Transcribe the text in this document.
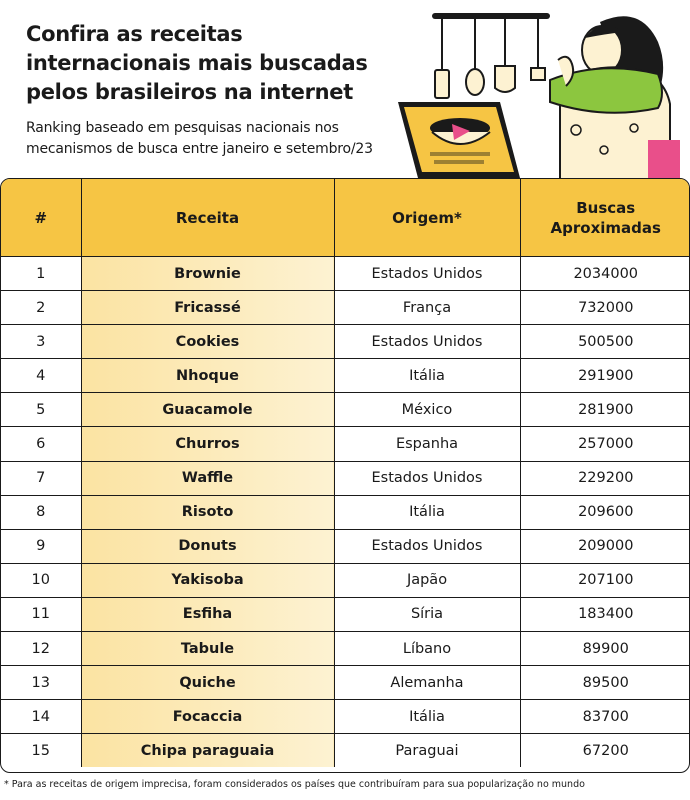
Confira as receitas internacionais mais buscadas pelos brasileiros na internet
Ranking baseado em pesquisas nacionais nos mecanismos de busca entre janeiro e setembro/23
#	Receita	Origem*	Buscas Aproximadas
1	Brownie	Estados Unidos	2034000
2	Fricassé	França	732000
3	Cookies	Estados Unidos	500500
4	Nhoque	Itália	291900
5	Guacamole	México	281900
6	Churros	Espanha	257000
7	Waffle	Estados Unidos	229200
8	Risoto	Itália	209600
9	Donuts	Estados Unidos	209000
10	Yakisoba	Japão	207100
11	Esfiha	Síria	183400
12	Tabule	Líbano	89900
13	Quiche	Alemanha	89500
14	Focaccia	Itália	83700
15	Chipa paraguaia	Paraguai	67200
* Para as receitas de origem imprecisa, foram considerados os países que contribuíram para sua popularização no mundo
